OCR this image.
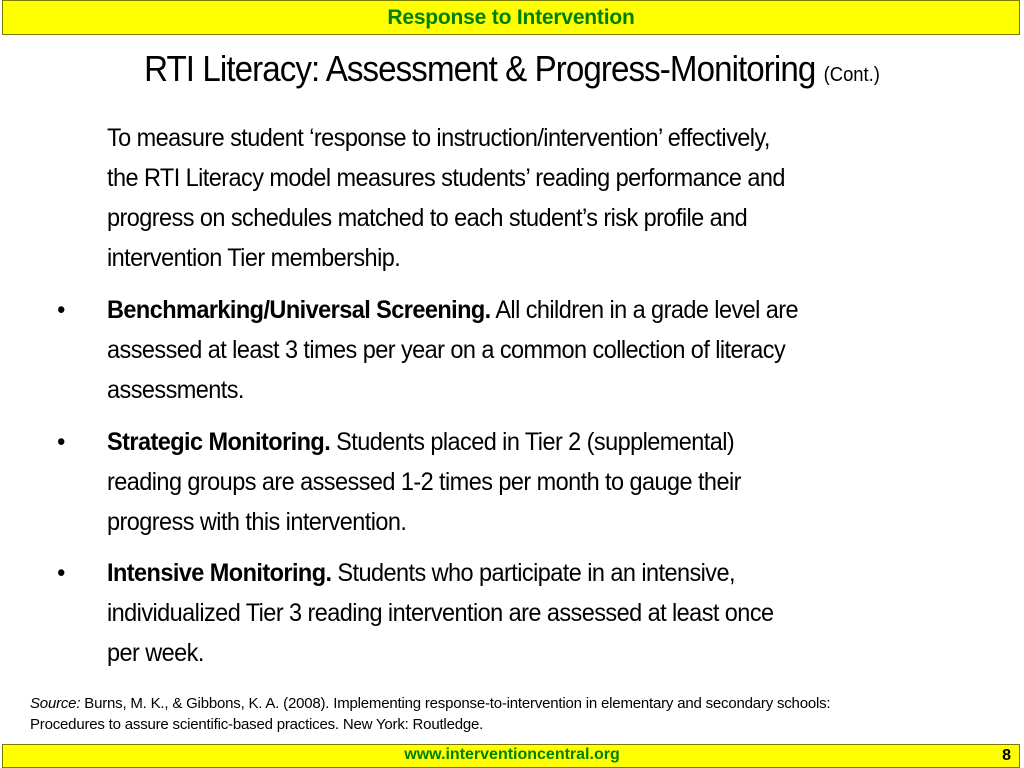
Response to Intervention
RTI Literacy: Assessment & Progress-Monitoring (Cont.)
To measure student ‘response to instruction/intervention’ effectively,
the RTI Literacy model measures students’ reading performance and
progress on schedules matched to each student’s risk profile and
intervention Tier membership.
• Benchmarking/Universal Screening. All children in a grade level are
assessed at least 3 times per year on a common collection of literacy
assessments.
• Strategic Monitoring. Students placed in Tier 2 (supplemental)
reading groups are assessed 1-2 times per month to gauge their
progress with this intervention.
• Intensive Monitoring. Students who participate in an intensive,
individualized Tier 3 reading intervention are assessed at least once
per week.
Source: Burns, M. K., & Gibbons, K. A. (2008). Implementing response-to-intervention in elementary and secondary schools:
Procedures to assure scientific-based practices. New York: Routledge.
www.interventioncentral.org	8
